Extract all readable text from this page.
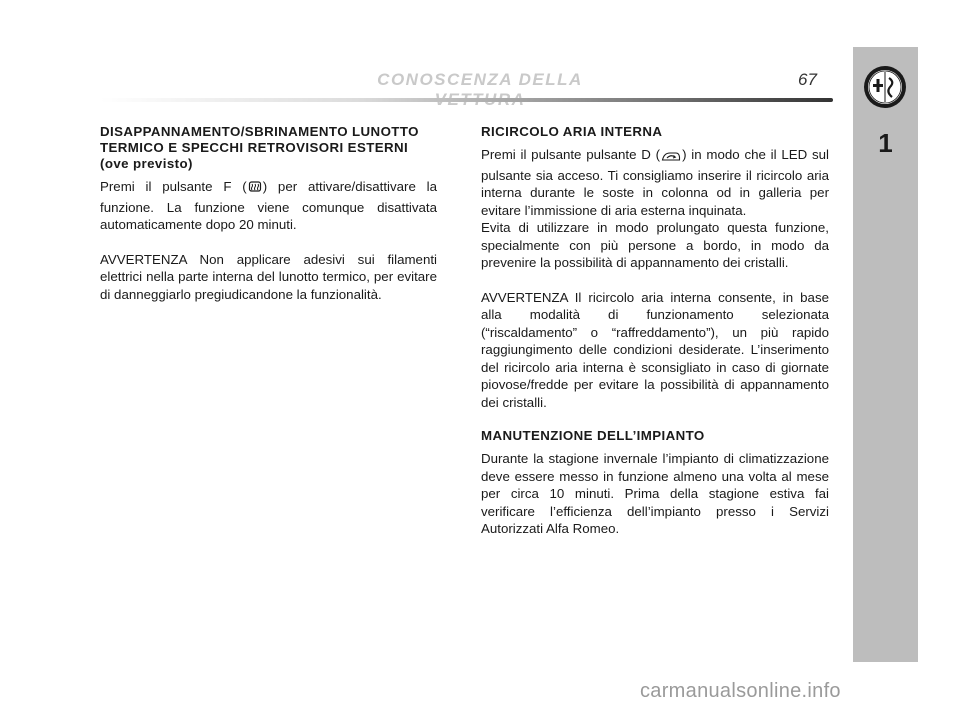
CONOSCENZA DELLA	67
1
DISAPPANNAMENTO/SBRINAMENTO LUNOTTO
TERMICO E SPECCHI RETROVISORI ESTERNI
(ove previsto)

Premi il pulsante F ( ) per attivare/disattivare la funzione. La funzione viene comunque disattivata automaticamente dopo 20 minuti.

AVVERTENZA Non applicare adesivi sui filamenti elettrici nella parte interna del lunotto termico, per evitare di danneggiarlo pregiudicandone la funzionalità.

RICIRCOLO ARIA INTERNA

Premi il pulsante pulsante D ( ) in modo che il LED sul pulsante sia acceso. Ti consigliamo inserire il ricircolo aria interna durante le soste in colonna od in galleria per evitare l’immissione di aria esterna inquinata.

Evita di utilizzare in modo prolungato questa funzione, specialmente con più persone a bordo, in modo da prevenire la possibilità di appannamento dei cristalli.

AVVERTENZA Il ricircolo aria interna consente, in base alla modalità di funzionamento selezionata (“riscaldamento” o “raffreddamento”), un più rapido raggiungimento delle condizioni desiderate. L’inserimento del ricircolo aria interna è sconsigliato in caso di giornate piovose/fredde per evitare la possibilità di appannamento dei cristalli.

MANUTENZIONE DELL’IMPIANTO

Durante la stagione invernale l’impianto di climatizzazione deve essere messo in funzione almeno una volta al mese per circa 10 minuti. Prima della stagione estiva fai verificare l’efficienza dell’impianto presso i Servizi Autorizzati Alfa Romeo.

carmanualsonline.info
